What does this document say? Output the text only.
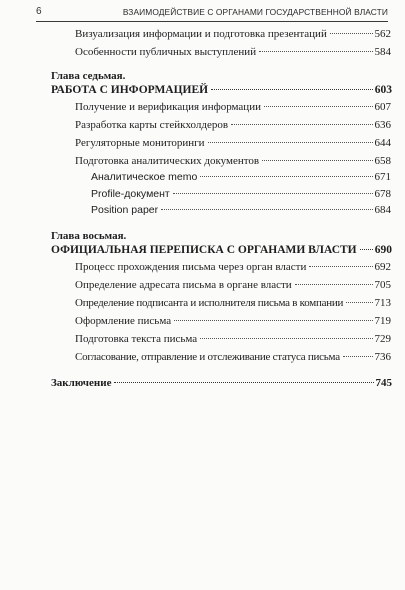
6	ВЗАИМОДЕЙСТВИЕ С ОРГАНАМИ ГОСУДАРСТВЕННОЙ ВЛАСТИ
Визуализация информации и подготовка презентаций	562
Особенности публичных выступлений	584
Глава седьмая.
РАБОТА С ИНФОРМАЦИЕЙ	603
Получение и верификация информации	607
Разработка карты стейкхолдеров	636
Регуляторные мониторинги	644
Подготовка аналитических документов	658
Аналитическое memo	671
Profile-документ	678
Position paper	684
Глава восьмая.
ОФИЦИАЛЬНАЯ ПЕРЕПИСКА С ОРГАНАМИ ВЛАСТИ 690
Процесс прохождения письма через орган власти	692
Определение адресата письма в органе власти	705
Определение подписанта и исполнителя письма в компании	713
Оформление письма	719
Подготовка текста письма	729
Согласование, отправление и отслеживание статуса письма	736
Заключение	745
